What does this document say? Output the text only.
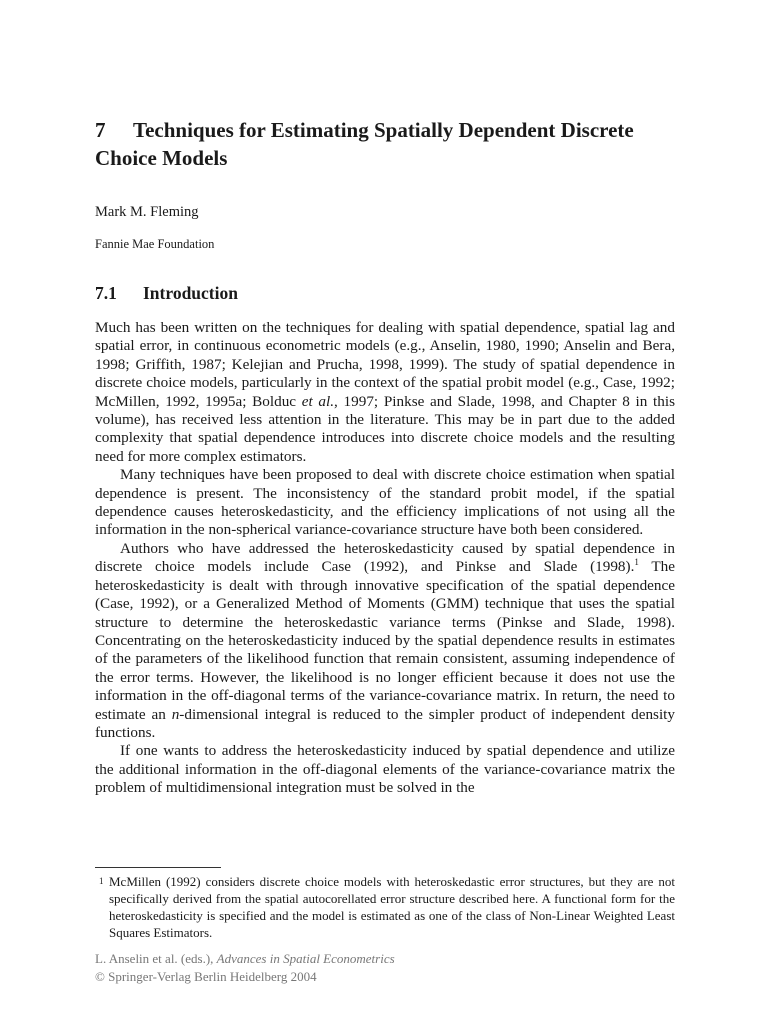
7 Techniques for Estimating Spatially Dependent Discrete Choice Models

Mark M. Fleming

Fannie Mae Foundation

7.1 Introduction

Much has been written on the techniques for dealing with spatial dependence, spatial lag and spatial error, in continuous econometric models (e.g., Anselin, 1980, 1990; Anselin and Bera, 1998; Griffith, 1987; Kelejian and Prucha, 1998, 1999). The study of spatial dependence in discrete choice models, particularly in the context of the spatial probit model (e.g., Case, 1992; McMillen, 1992, 1995a; Bolduc et al., 1997; Pinkse and Slade, 1998, and Chapter 8 in this volume), has received less attention in the literature. This may be in part due to the added complexity that spatial dependence introduces into discrete choice models and the resulting need for more complex estimators.

Many techniques have been proposed to deal with discrete choice estimation when spatial dependence is present. The inconsistency of the standard probit model, if the spatial dependence causes heteroskedasticity, and the efficiency implications of not using all the information in the non-spherical variance-covariance structure have both been considered.

Authors who have addressed the heteroskedasticity caused by spatial dependence in discrete choice models include Case (1992), and Pinkse and Slade (1998).$^1$ The heteroskedasticity is dealt with through innovative specification of the spatial dependence (Case, 1992), or a Generalized Method of Moments (GMM) technique that uses the spatial structure to determine the heteroskedastic variance terms (Pinkse and Slade, 1998). Concentrating on the heteroskedasticity induced by the spatial dependence results in estimates of the parameters of the likelihood function that remain consistent, assuming independence of the error terms. However, the likelihood is no longer efficient because it does not use the information in the off-diagonal terms of the variance-covariance matrix. In return, the need to estimate an n-dimensional integral is reduced to the simpler product of independent density functions.

If one wants to address the heteroskedasticity induced by spatial dependence and utilize the additional information in the off-diagonal elements of the variance-covariance matrix the problem of multidimensional integration must be solved in the

1 McMillen (1992) considers discrete choice models with heteroskedastic error structures, but they are not specifically derived from the spatial autocorellated error structure described here. A functional form for the heteroskedasticity is specified and the model is estimated as one of the class of Non-Linear Weighted Least Squares Estimators.

L. Anselin et al. (eds.), Advances in Spatial Econometrics
© Springer-Verlag Berlin Heidelberg 2004
